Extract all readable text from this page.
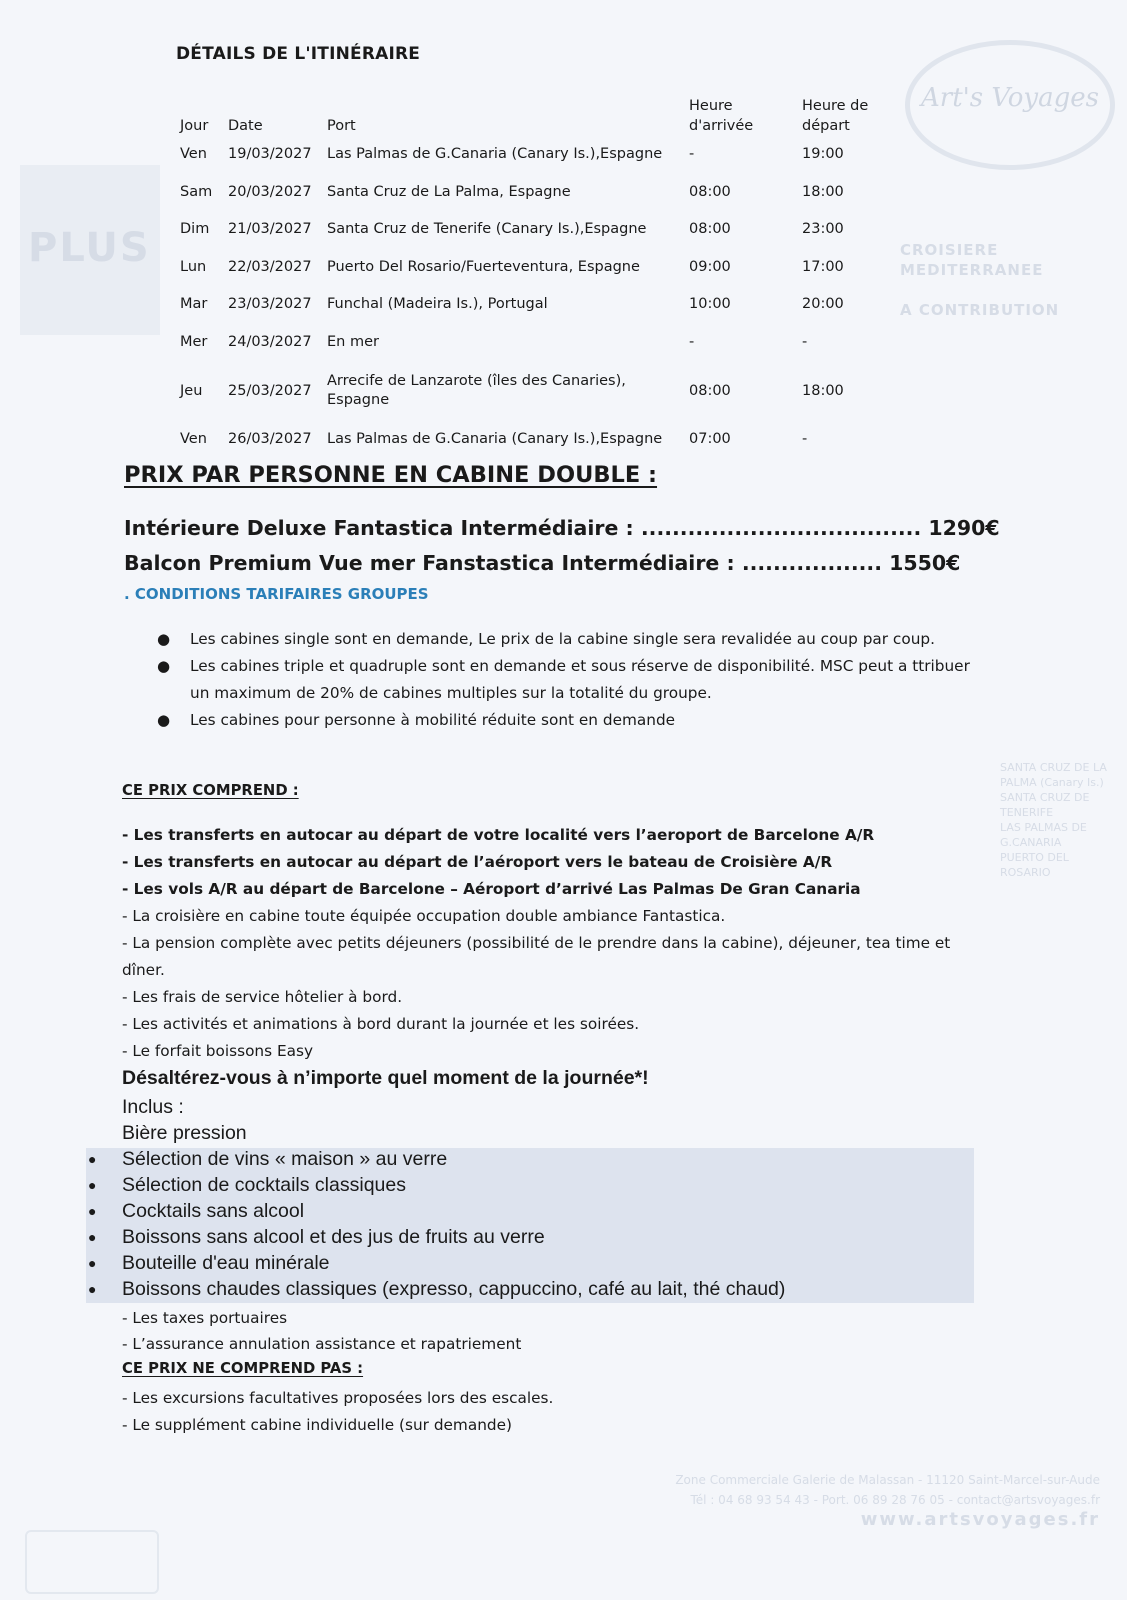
Art's Voyages
PLUS	CROISIERE MEDITERRANEE
A CONTRIBUTION
SANTA CRUZ DE LA PALMA (Canary Is.)
SANTA CRUZ DE TENERIFE
LAS PALMAS DE G.CANARIA
PUERTO DEL ROSARIO
Zone Commerciale Galerie de Malassan - 11120 Saint-Marcel-sur-Aude
Tél : 04 68 93 54 43 - Port. 06 89 28 76 05 - contact@artsvoyages.fr
www.artsvoyages.fr
DÉTAILS DE L'ITINÉRAIRE
Jour	Date	Port	Heure d'arrivée	Heure de départ
Ven	19/03/2027	Las Palmas de G.Canaria (Canary Is.),Espagne	-	19:00
Sam	20/03/2027	Santa Cruz de La Palma, Espagne	08:00	18:00
Dim	21/03/2027	Santa Cruz de Tenerife (Canary Is.),Espagne	08:00	23:00
Lun	22/03/2027	Puerto Del Rosario/Fuerteventura, Espagne	09:00	17:00
Mar	23/03/2027	Funchal (Madeira Is.), Portugal	10:00	20:00
Mer	24/03/2027	En mer	-	-
Jeu	25/03/2027	Arrecife de Lanzarote (îles des Canaries), Espagne	08:00	18:00
Ven	26/03/2027	Las Palmas de G.Canaria (Canary Is.),Espagne	07:00	-
PRIX PAR PERSONNE EN CABINE DOUBLE :
Intérieure Deluxe Fantastica Intermédiaire : .................................... 1290€
Balcon Premium Vue mer Fanstastica Intermédiaire : .................. 1550€
. CONDITIONS TARIFAIRES GROUPES
● Les cabines single sont en demande, Le prix de la cabine single sera revalidée au coup par coup.
● Les cabines triple et quadruple sont en demande et sous réserve de disponibilité. MSC peut a ttribuer un maximum de 20% de cabines multiples sur la totalité du groupe.
● Les cabines pour personne à mobilité réduite sont en demande
CE PRIX COMPREND :
- Les transferts en autocar au départ de votre localité vers l’aeroport de Barcelone A/R
- Les transferts en autocar au départ de l’aéroport vers le bateau de Croisière A/R
- Les vols A/R au départ de Barcelone – Aéroport d’arrivé Las Palmas De Gran Canaria
- La croisière en cabine toute équipée occupation double ambiance Fantastica.
- La pension complète avec petits déjeuners (possibilité de le prendre dans la cabine), déjeuner, tea time et dîner.
- Les frais de service hôtelier à bord.
- Les activités et animations à bord durant la journée et les soirées.
- Le forfait boissons Easy
Désaltérez-vous à n’importe quel moment de la journée*!
Inclus :
Bière pression
● Sélection de vins « maison » au verre
● Sélection de cocktails classiques
● Cocktails sans alcool
● Boissons sans alcool et des jus de fruits au verre
● Bouteille d'eau minérale
● Boissons chaudes classiques (expresso, cappuccino, café au lait, thé chaud)
- Les taxes portuaires
- L’assurance annulation assistance et rapatriement
CE PRIX NE COMPREND PAS :
- Les excursions facultatives proposées lors des escales.
- Le supplément cabine individuelle (sur demande)
